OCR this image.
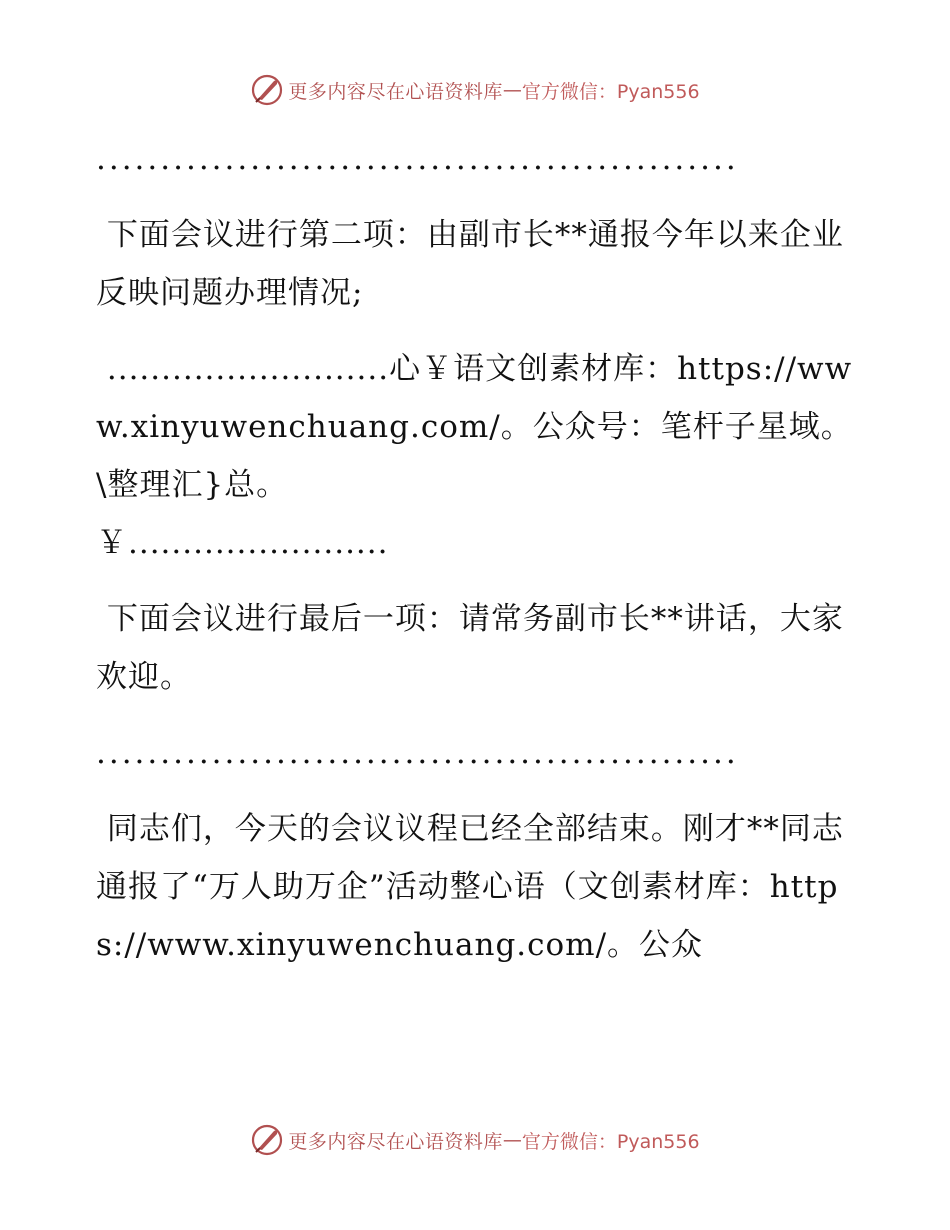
更多内容尽在心语资料库 — 官方微信：Pyan556

..................................................

下面会议进行第二项：由副市长**通报今年以来企业反映问题办理情况;

..........................心￥语文创素材库：https://www.xinyuwenchuang.com/。公众号：笔杆子星域。\整理汇}总。

￥........................

下面会议进行最后一项：请常务副市长**讲话，大家欢迎。

..................................................

同志们，今天的会议议程已经全部结束。刚才**同志通报了“万人助万企”活动整心语（文创素材库：https://www.xinyuwenchuang.com/。公众

更多内容尽在心语资料库 — 官方微信：Pyan556
